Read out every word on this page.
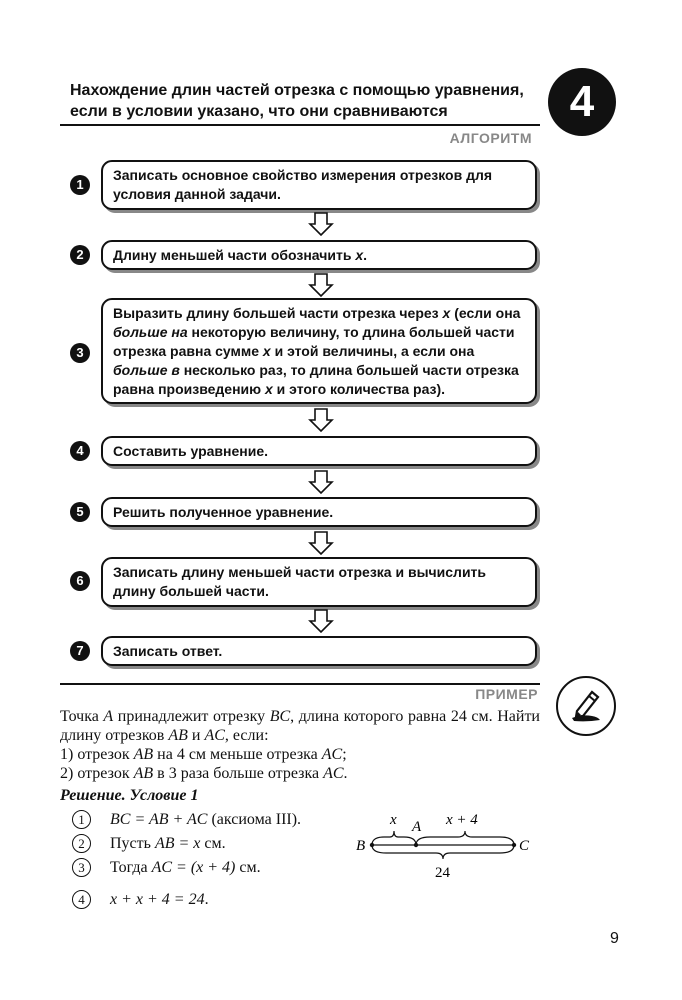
Нахождение длин частей отрезка с помощью уравнения,
если в условии указано, что они сравниваются	4
АЛГОРИТМ
1
Записать основное свойство измерения отрезков для условия данной задачи.
2	Длину меньшей части обозначить x.
3
Выразить длину большей части отрезка через x (если она больше на некоторую величину, то длина большей части отрезка равна сумме x и этой величины, а если она больше в несколько раз, то длина большей части отрезка равна произведению x и этого количества раз).
4	Составить уравнение.
5	Решить полученное уравнение.
6
Записать длину меньшей части отрезка и вычислить длину большей части.
7	Записать ответ.
ПРИМЕР
Точка A принадлежит отрезку BC, длина которого равна 24 см. Найти длину отрезков AB и AC, если:
1) отрезок AB на 4 см меньше отрезка AC;
2) отрезок AB в 3 раза больше отрезка AC.
Решение. Условие 1
1	BC = AB + AC (аксиома III).
2	Пусть AB = x см.
3	Тогда AC = (x + 4) см.
4	x + x + 4 = 24.
B
A
C
x	x + 4
24
9
